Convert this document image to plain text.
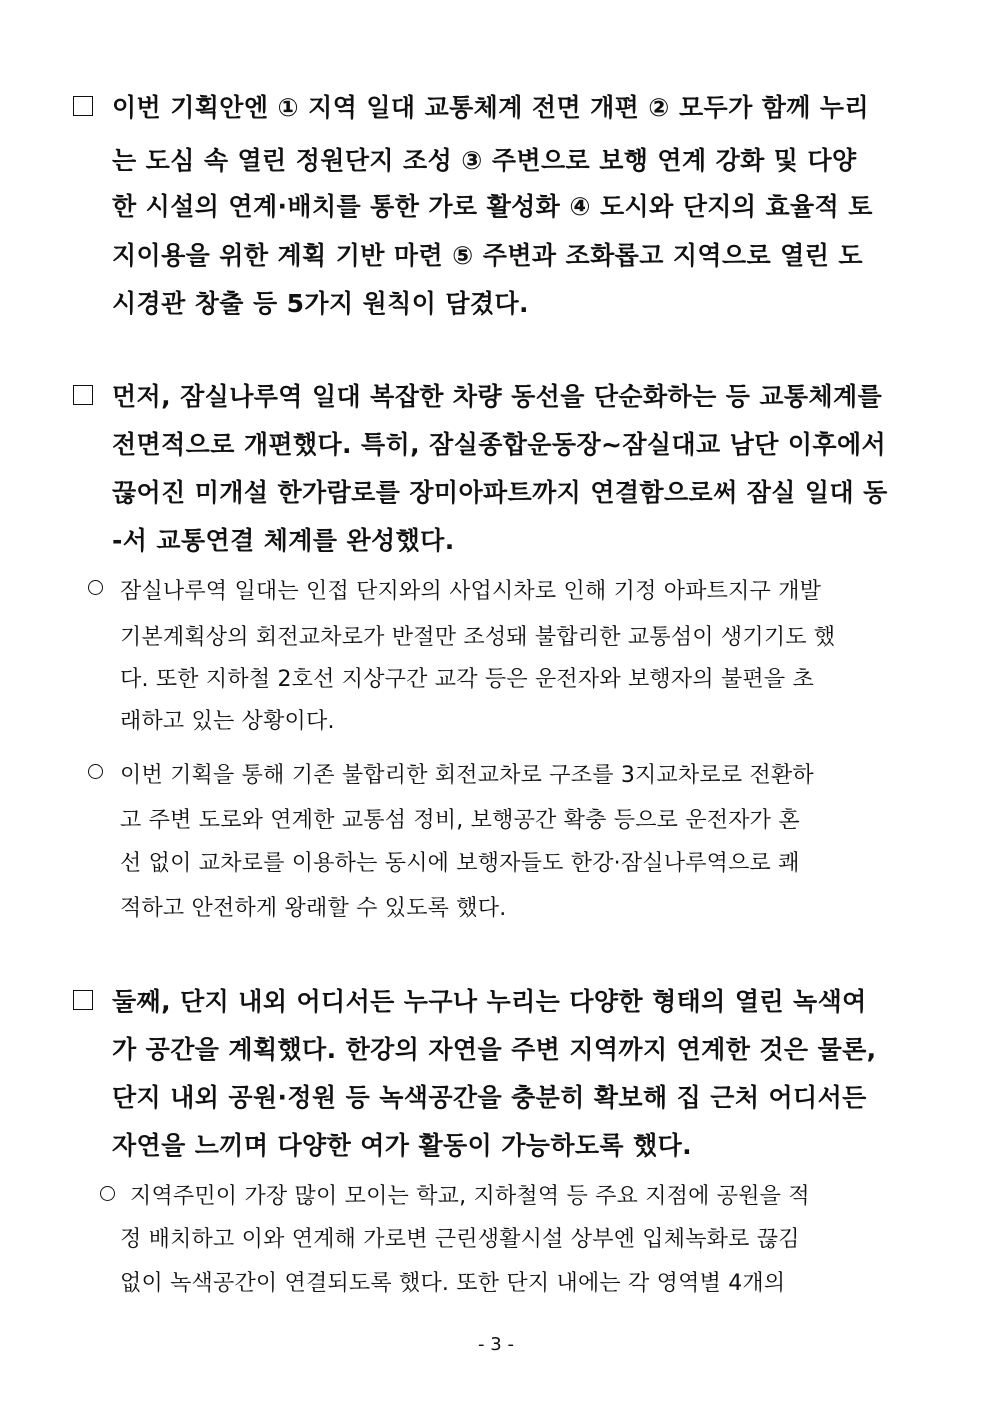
이번 기획안엔 ① 지역 일대 교통체계 전면 개편 ② 모두가 함께 누리
는 도심 속 열린 정원단지 조성 ③ 주변으로 보행 연계 강화 및 다양
한 시설의 연계·배치를 통한 가로 활성화 ④ 도시와 단지의 효율적 토
지이용을 위한 계획 기반 마련 ⑤ 주변과 조화롭고 지역으로 열린 도
시경관 창출 등 5가지 원칙이 담겼다.
먼저, 잠실나루역 일대 복잡한 차량 동선을 단순화하는 등 교통체계를
전면적으로 개편했다. 특히, 잠실종합운동장~잠실대교 남단 이후에서
끊어진 미개설 한가람로를 장미아파트까지 연결함으로써 잠실 일대 동
-서 교통연결 체계를 완성했다.
잠실나루역 일대는 인접 단지와의 사업시차로 인해 기정 아파트지구 개발
기본계획상의 회전교차로가 반절만 조성돼 불합리한 교통섬이 생기기도 했
다. 또한 지하철 2호선 지상구간 교각 등은 운전자와 보행자의 불편을 초
래하고 있는 상황이다.
이번 기획을 통해 기존 불합리한 회전교차로 구조를 3지교차로로 전환하
고 주변 도로와 연계한 교통섬 정비, 보행공간 확충 등으로 운전자가 혼
선 없이 교차로를 이용하는 동시에 보행자들도 한강·잠실나루역으로 쾌
적하고 안전하게 왕래할 수 있도록 했다.
둘째, 단지 내외 어디서든 누구나 누리는 다양한 형태의 열린 녹색여
가 공간을 계획했다. 한강의 자연을 주변 지역까지 연계한 것은 물론,
단지 내외 공원·정원 등 녹색공간을 충분히 확보해 집 근처 어디서든
자연을 느끼며 다양한 여가 활동이 가능하도록 했다.
지역주민이 가장 많이 모이는 학교, 지하철역 등 주요 지점에 공원을 적
정 배치하고 이와 연계해 가로변 근린생활시설 상부엔 입체녹화로 끊김
없이 녹색공간이 연결되도록 했다. 또한 단지 내에는 각 영역별 4개의
- 3 -
